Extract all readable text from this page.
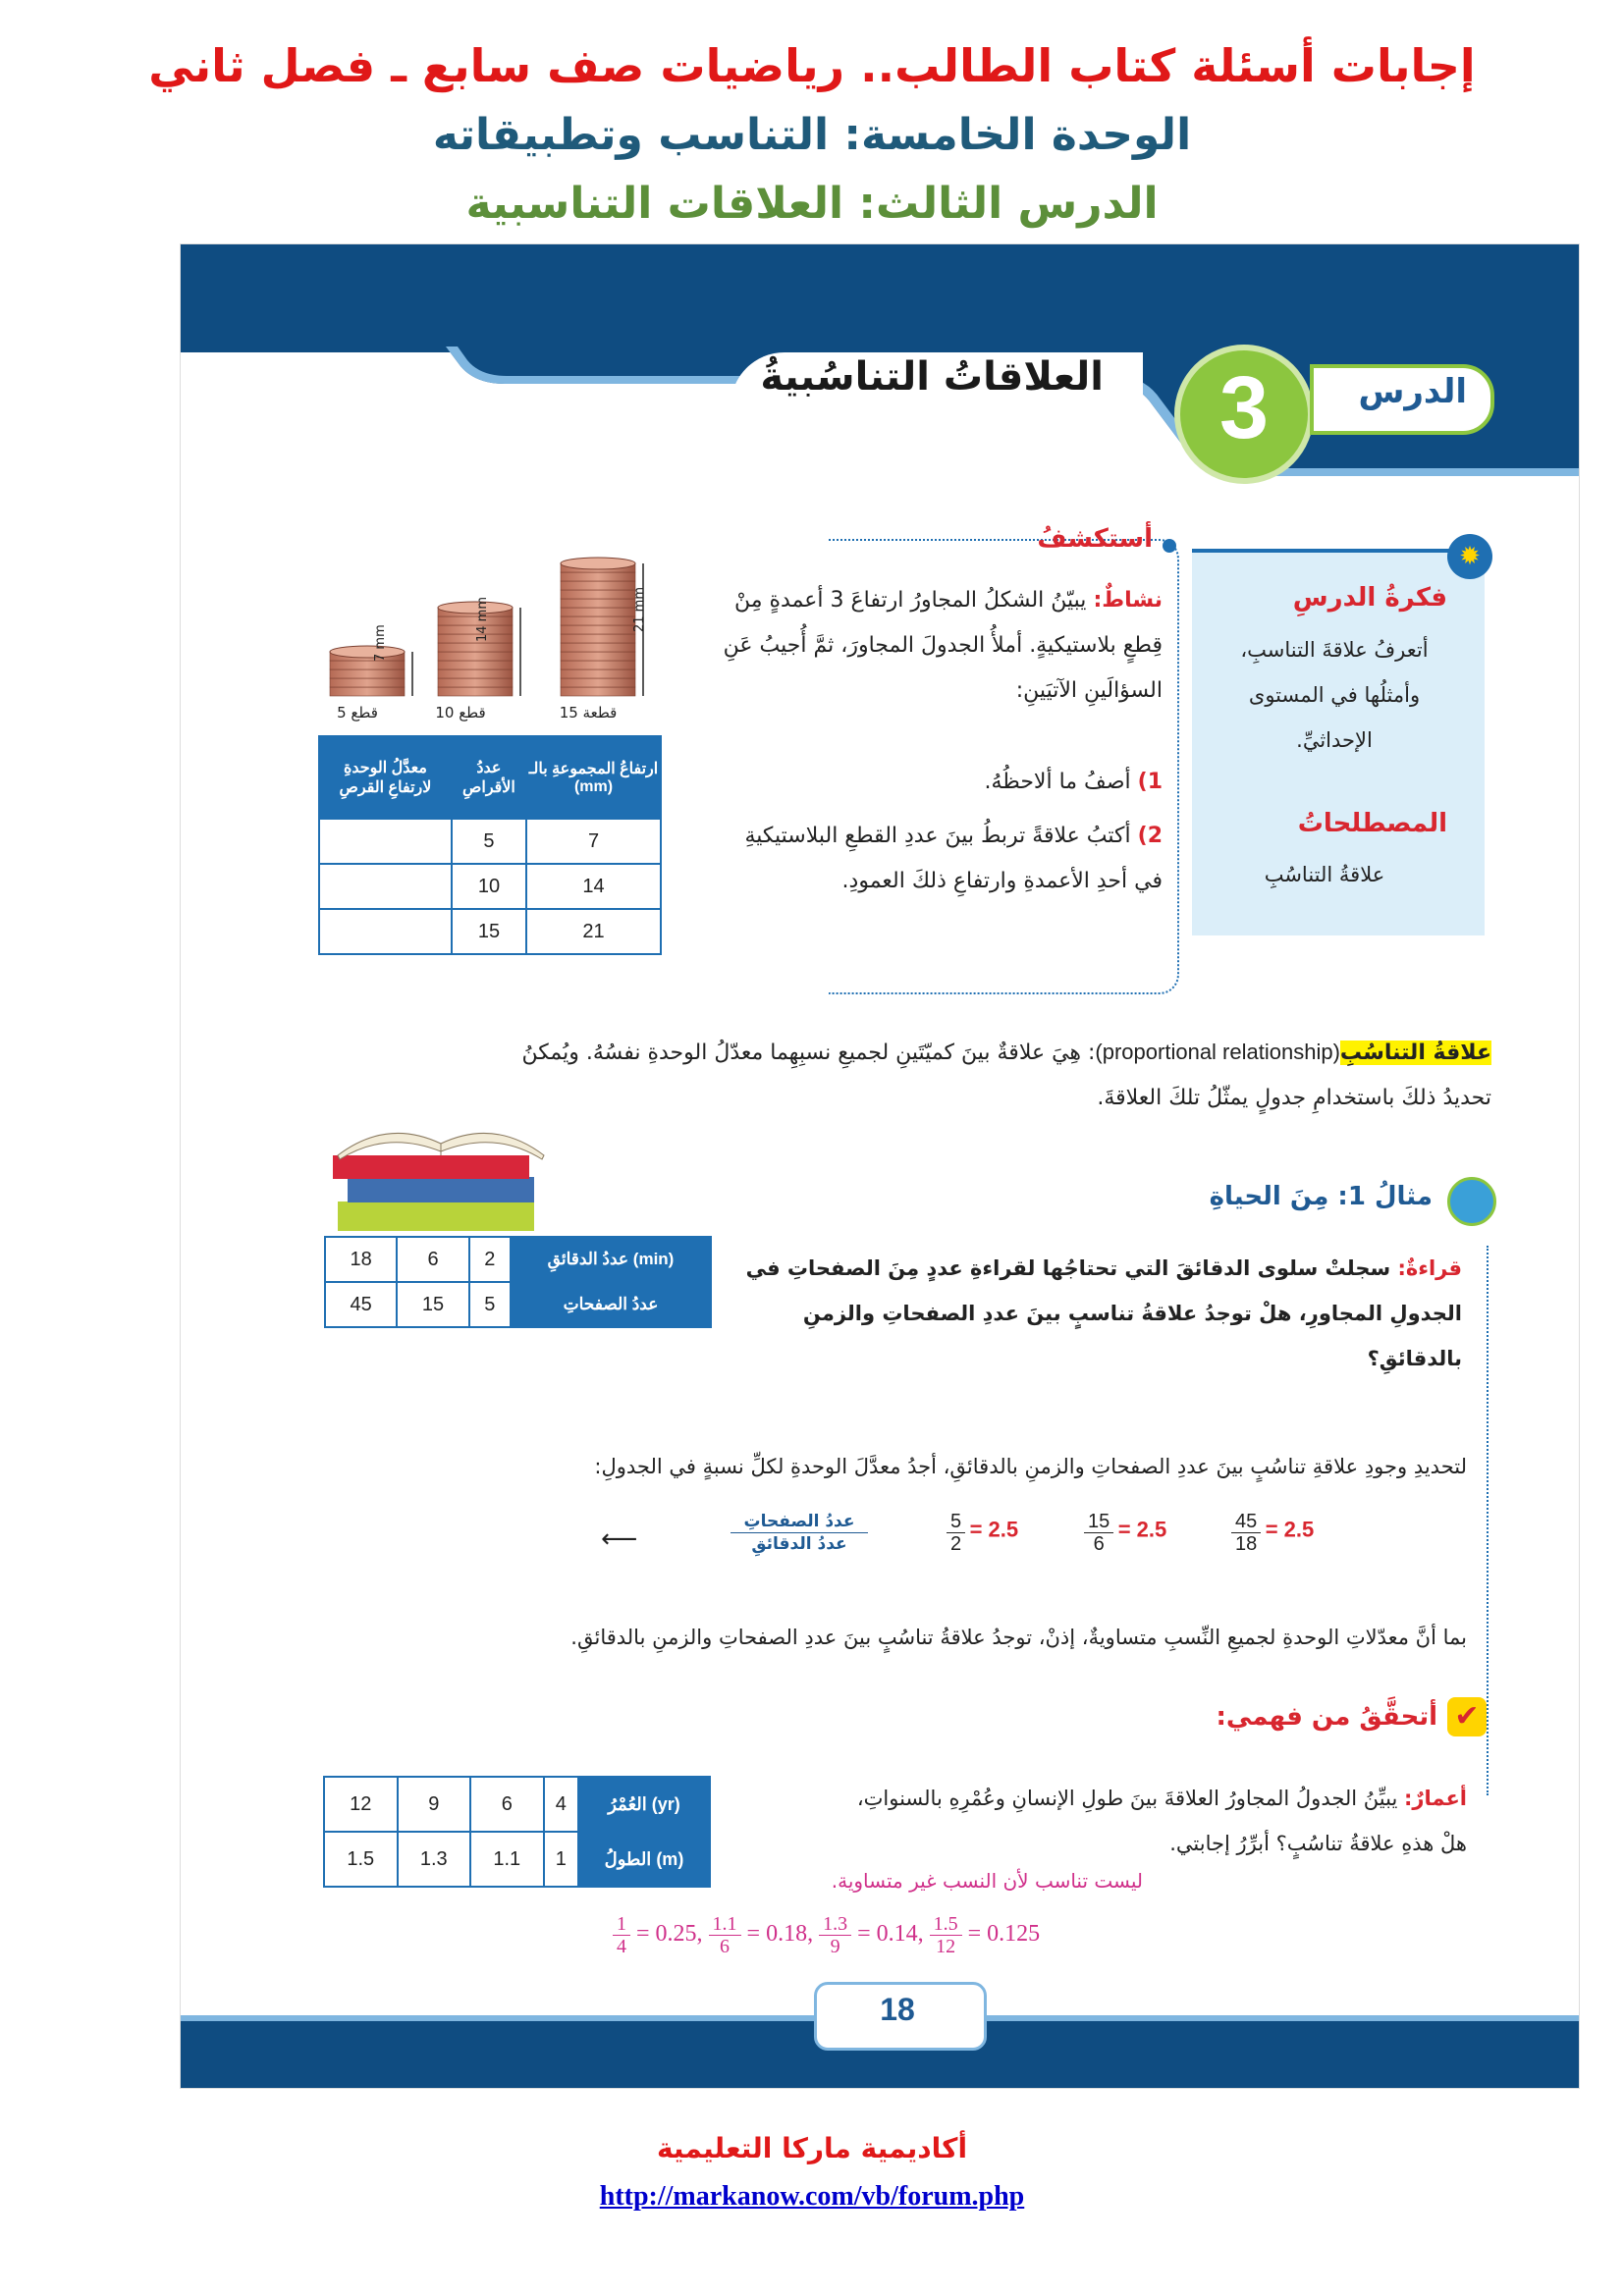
إجابات أسئلة كتاب الطالب.. رياضيات صف سابع ـ فصل ثاني
الوحدة الخامسة: التناسب وتطبيقاته
الدرس الثالث: العلاقات التناسبية
العلاقاتُ التناسُبيةُ	3	الدرس
✹
فكرةُ الدرسِ
أتعرفُ علاقةَ التناسبِ، وأمثلُها في المستوى الإحداثيِّ.
المصطلحاتُ
علاقةُ التناسُبِ
أستكشفُ
نشاطٌ: يبيّنُ الشكلُ المجاورُ ارتفاعَ 3 أعمدةٍ مِنْ قِطعٍ بلاستيكيةٍ. أملأُ الجدولَ المجاورَ، ثمَّ أُجيبُ عَنِ السؤالَينِ الآتيَينِ:
1) أصفُ ما ألاحظُهُ.
2) أكتبُ علاقةً تربطُ بينَ عددِ القطعِ البلاستيكيةِ في أحدِ الأعمدةِ وارتفاعِ ذلكَ العمودِ.
5 قطع	10 قطع	15 قطعة
7 mm
14 mm	21 mm
معدَّلُ الوحدةِ لارتفاعِ القرصِ	عددُ الأقراصِ	ارتفاعُ المجموعةِ بالـ (mm)
	5	7
	10	14
	15	21
علاقةُ التناسُبِ(proportional relationship): هِيَ علاقةٌ بينَ كميّتَينِ لجميعِ نسبِهِما معدّلُ الوحدةِ نفسُهُ. ويُمكنُ
تحديدُ ذلكَ باستخدامِ جدولٍ يمثّلُ تلكَ العلاقةَ.
مثالُ 1: مِنَ الحياةِ
قراءةٌ: سجلتْ سلوى الدقائقَ التي تحتاجُها لقراءةِ عددٍ مِنَ الصفحاتِ في الجدولِ المجاورِ، هلْ توجدُ علاقةُ تناسبٍ بينَ عددِ الصفحاتِ والزمنِ بالدقائقِ؟
18	6	2	عددُ الدقائقِ (min)
45	15	5	عددُ الصفحاتِ
لتحديدِ وجودِ علاقةِ تناسُبٍ بينَ عددِ الصفحاتِ والزمنِ بالدقائقِ، أجدُ معدَّلَ الوحدةِ لكلِّ نسبةٍ في الجدولِ:
عددُ الصفحاتِ
عددُ الدقائقِ
⟵	$\frac{5}{2} = 2.5$	$\frac{15}{6} = 2.5$	$\frac{45}{18} = 2.5$
بما أنَّ معدّلاتِ الوحدةِ لجميعِ النِّسبِ متساويةٌ، إذنْ، توجدُ علاقةُ تناسُبٍ بينَ عددِ الصفحاتِ والزمنِ بالدقائقِ.
✔
أتحقَّقُ من فهمي:
أعمارٌ: يبيِّنُ الجدولُ المجاورُ العلاقةَ بينَ طولِ الإنسانِ وعُمْرِهِ بالسنواتِ،
هلْ هذهِ علاقةُ تناسُبٍ؟ أبرِّرُ إجابتي.
ليست تناسب لأن النسب غير متساوية.
12	9	6	4	العُمْرُ (yr)
1.5	1.3	1.1	1	الطولُ (m)
$\frac{1}{4} = 0.25$, $\frac{1.1}{6} = 0.18$, $\frac{1.3}{9} = 0.14$, $\frac{1.5}{12} = 0.125$
18
أكاديمية ماركا التعليمية
http://markanow.com/vb/forum.php
